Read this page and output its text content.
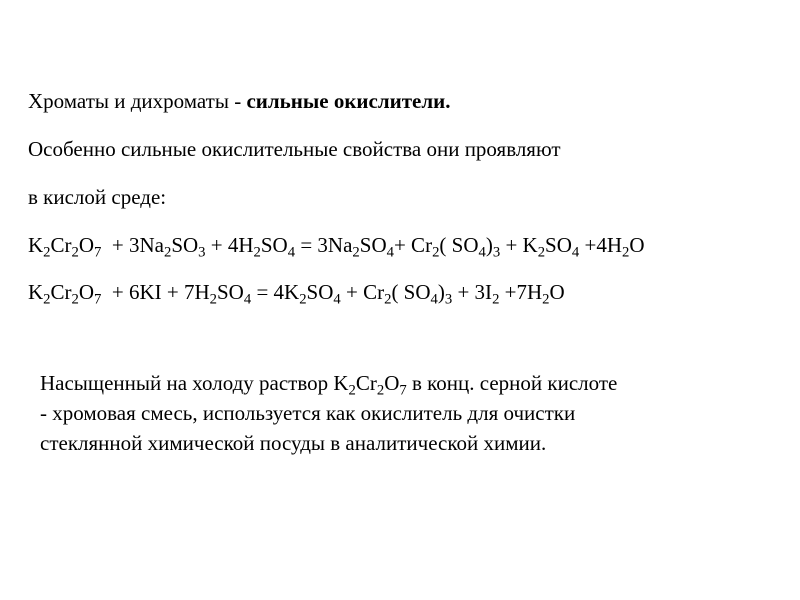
Хроматы и дихроматы - сильные окислители.

Особенно сильные окислительные свойства они проявляют

в кислой среде:

$K_2Cr_2O_7 + 3Na_2SO_3 + 4H_2SO_4 = 3Na_2SO_4+ Cr_2$( $SO_4)_3 + K_2SO_4 +4H_2O$

$K_2Cr_2O_7 + 6KI + 7H_2SO_4 = 4K_2SO_4 + Cr_2$( $SO_4)_3 + 3I_2 +7H_2O$

Насыщенный на холоду раствор $K_2Cr_2O_7$ в конц. серной кислоте
- хромовая смесь, используется как окислитель для очистки
стеклянной химической посуды в аналитической химии.
